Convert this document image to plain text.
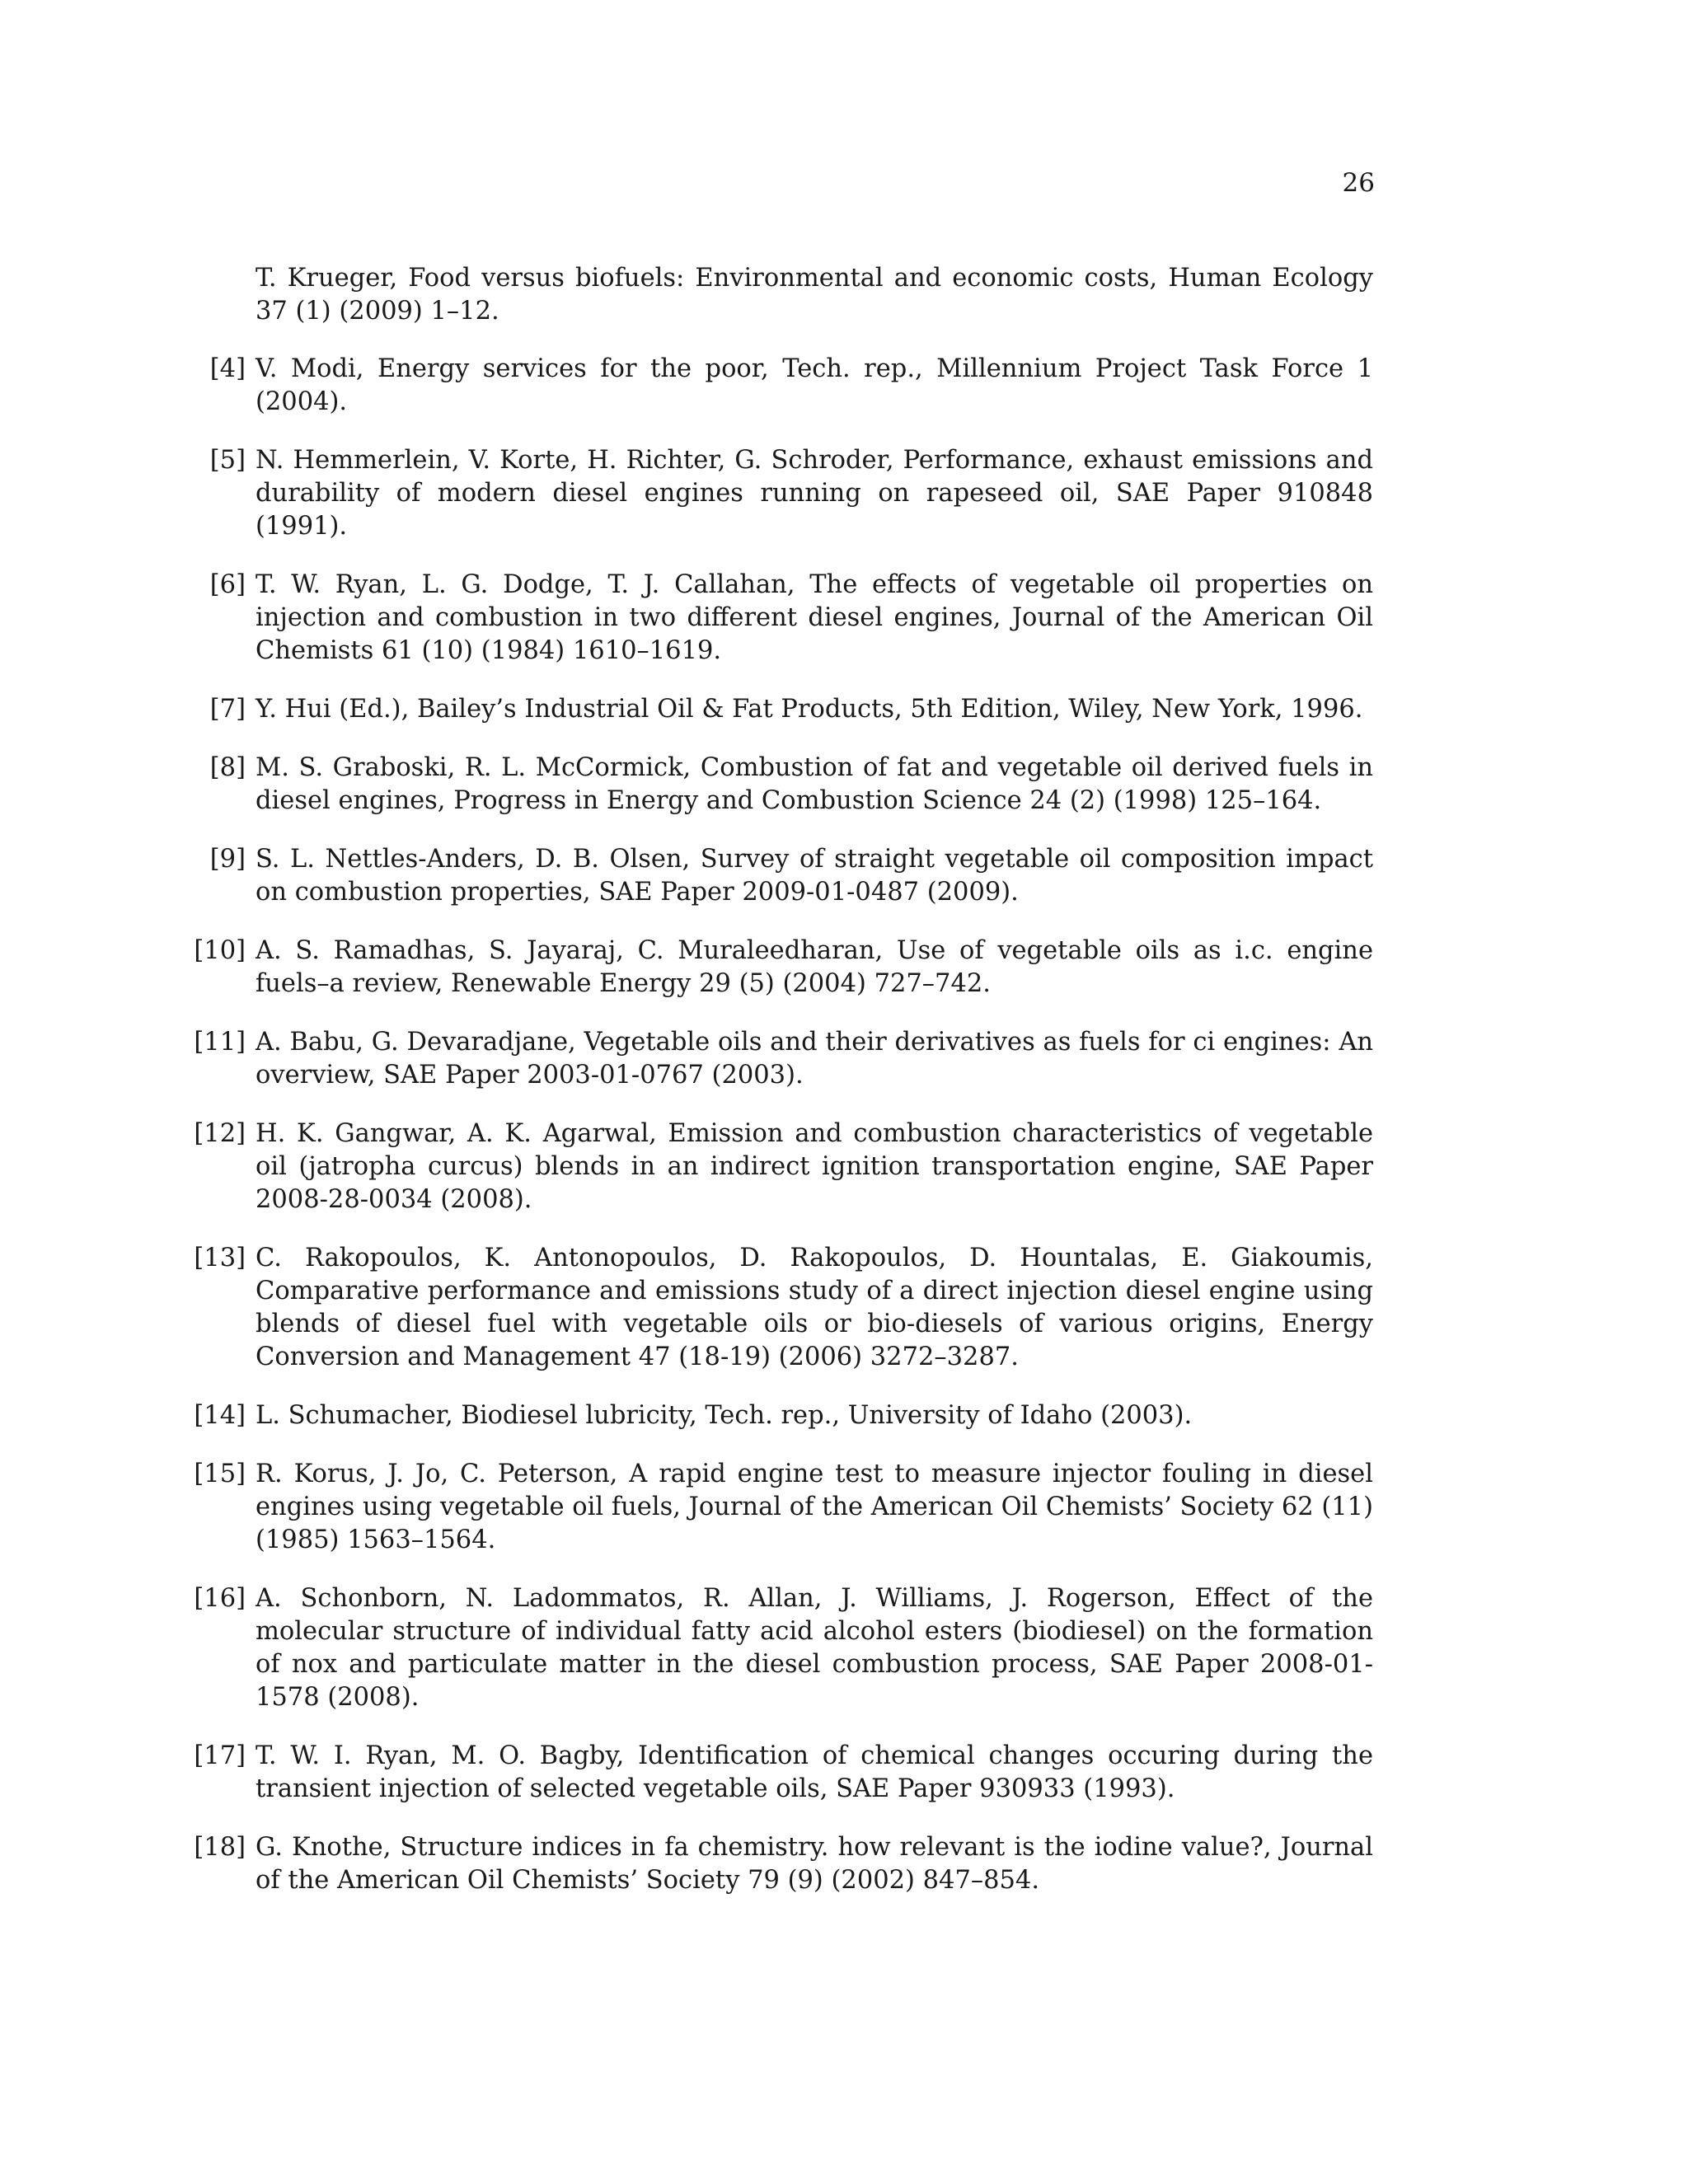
26

T. Krueger, Food versus biofuels: Environmental and economic costs, Human Ecology 37 (1) (2009) 1–12.

[4] V. Modi, Energy services for the poor, Tech. rep., Millennium Project Task Force 1 (2004).
[5] N. Hemmerlein, V. Korte, H. Richter, G. Schroder, Performance, exhaust emissions and durability of modern diesel engines running on rapeseed oil, SAE Paper 910848 (1991).
[6] T. W. Ryan, L. G. Dodge, T. J. Callahan, The effects of vegetable oil properties on injection and combustion in two different diesel engines, Journal of the American Oil Chemists 61 (10) (1984) 1610–1619.
[7] Y. Hui (Ed.), Bailey’s Industrial Oil & Fat Products, 5th Edition, Wiley, New York, 1996.
[8] M. S. Graboski, R. L. McCormick, Combustion of fat and vegetable oil derived fuels in diesel engines, Progress in Energy and Combustion Science 24 (2) (1998) 125–164.
[9] S. L. Nettles-Anders, D. B. Olsen, Survey of straight vegetable oil composition impact on combustion properties, SAE Paper 2009-01-0487 (2009).
[10] A. S. Ramadhas, S. Jayaraj, C. Muraleedharan, Use of vegetable oils as i.c. engine fuels–a review, Renewable Energy 29 (5) (2004) 727–742.
[11] A. Babu, G. Devaradjane, Vegetable oils and their derivatives as fuels for ci engines: An overview, SAE Paper 2003-01-0767 (2003).
[12] H. K. Gangwar, A. K. Agarwal, Emission and combustion characteristics of vegetable oil (jatropha curcus) blends in an indirect ignition transportation engine, SAE Paper 2008-28-0034 (2008).
[13] C. Rakopoulos, K. Antonopoulos, D. Rakopoulos, D. Hountalas, E. Giakoumis, Comparative performance and emissions study of a direct injection diesel engine using blends of diesel fuel with vegetable oils or bio-diesels of various origins, Energy Conversion and Management 47 (18-19) (2006) 3272–3287.
[14] L. Schumacher, Biodiesel lubricity, Tech. rep., University of Idaho (2003).
[15] R. Korus, J. Jo, C. Peterson, A rapid engine test to measure injector fouling in diesel engines using vegetable oil fuels, Journal of the American Oil Chemists’ Society 62 (11) (1985) 1563–1564.
[16] A. Schonborn, N. Ladommatos, R. Allan, J. Williams, J. Rogerson, Effect of the molecular structure of individual fatty acid alcohol esters (biodiesel) on the formation of nox and particulate matter in the diesel combustion process, SAE Paper 2008-01-1578 (2008).
[17] T. W. I. Ryan, M. O. Bagby, Identification of chemical changes occuring during the transient injection of selected vegetable oils, SAE Paper 930933 (1993).
[18] G. Knothe, Structure indices in fa chemistry. how relevant is the iodine value?, Journal of the American Oil Chemists’ Society 79 (9) (2002) 847–854.
